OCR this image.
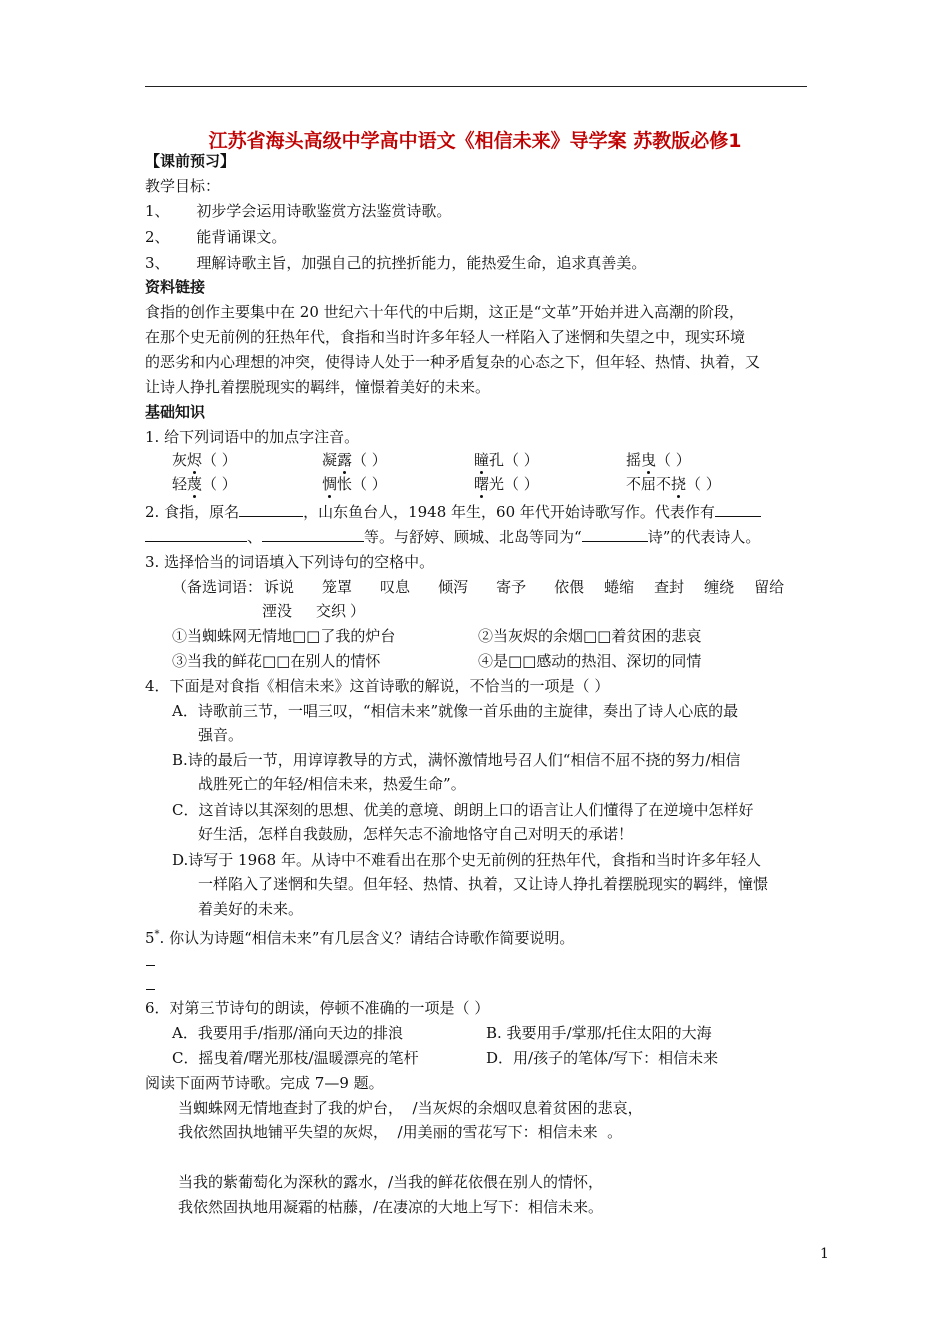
江苏省海头高级中学高中语文《相信未来》导学案 苏教版必修1
【课前预习】
教学目标：
1、 初步学会运用诗歌鉴赏方法鉴赏诗歌。
2、 能背诵课文。
3、 理解诗歌主旨，加强自己的抗挫折能力，能热爱生命，追求真善美。
资料链接
食指的创作主要集中在 20 世纪六十年代的中后期，这正是“文革”开始并进入高潮的阶段，
在那个史无前例的狂热年代，食指和当时许多年轻人一样陷入了迷惘和失望之中，现实环境
的恶劣和内心理想的冲突，使得诗人处于一种矛盾复杂的心态之下，但年轻、热情、执着，又
让诗人挣扎着摆脱现实的羁绊，憧憬着美好的未来。
基础知识
1. 给下列词语中的加点字注音。
灰烬（ ）	凝露（ ）	瞳孔（ ）	摇曳（ ）
轻蔑（ ）	惆怅（ ）	曙光（ ）	不屈不挠（ ）
2. 食指，原名	，山东鱼台人，1948 年生，60 年代开始诗歌写作。代表作有
、	等。与舒婷、顾城、北岛等同为“	诗”的代表诗人。
3. 选择恰当的词语填入下列诗句的空格中。
（备选词语： 诉说 笼罩 叹息 倾泻 寄予 依偎 蜷缩 查封 缠绕 留给
湮没 交织 ）
①当蜘蛛网无情地□□了我的炉台	②当灰烬的余烟□□着贫困的悲哀
③当我的鲜花□□在别人的情怀	④是□□感动的热泪、深切的同情
4．下面是对食指《相信未来》这首诗歌的解说，不恰当的一项是（ ）
A．诗歌前三节，一唱三叹，“相信未来”就像一首乐曲的主旋律，奏出了诗人心底的最
强音。
B.诗的最后一节，用谆谆教导的方式，满怀激情地号召人们“相信不屈不挠的努力/相信
战胜死亡的年轻/相信未来，热爱生命”。
C．这首诗以其深刻的思想、优美的意境、朗朗上口的语言让人们懂得了在逆境中怎样好
好生活，怎样自我鼓励，怎样矢志不渝地恪守自己对明天的承诺！
D.诗写于 1968 年。从诗中不难看出在那个史无前例的狂热年代，食指和当时许多年轻人
一样陷入了迷惘和失望。但年轻、热情、执着，又让诗人挣扎着摆脱现实的羁绊，憧憬
着美好的未来。
5*. 你认为诗题“相信未来”有几层含义？请结合诗歌作简要说明。
6．对第三节诗句的朗读，停顿不准确的一项是（ ）
A．我要用手/指那/涌向天边的排浪	B. 我要用手/掌那/托住太阳的大海
C．摇曳着/曙光那枝/温暖漂亮的笔杆	D．用/孩子的笔体/写下：相信未来
阅读下面两节诗歌。完成 7—9 题。
当蜘蛛网无情地查封了我的炉台，  /当灰烬的余烟叹息着贫困的悲哀，
我依然固执地铺平失望的灰烬，  /用美丽的雪花写下：相信未来  。
当我的紫葡萄化为深秋的露水，/当我的鲜花依偎在别人的情怀，
我依然固执地用凝霜的枯藤，/在凄凉的大地上写下：相信未来。
1
